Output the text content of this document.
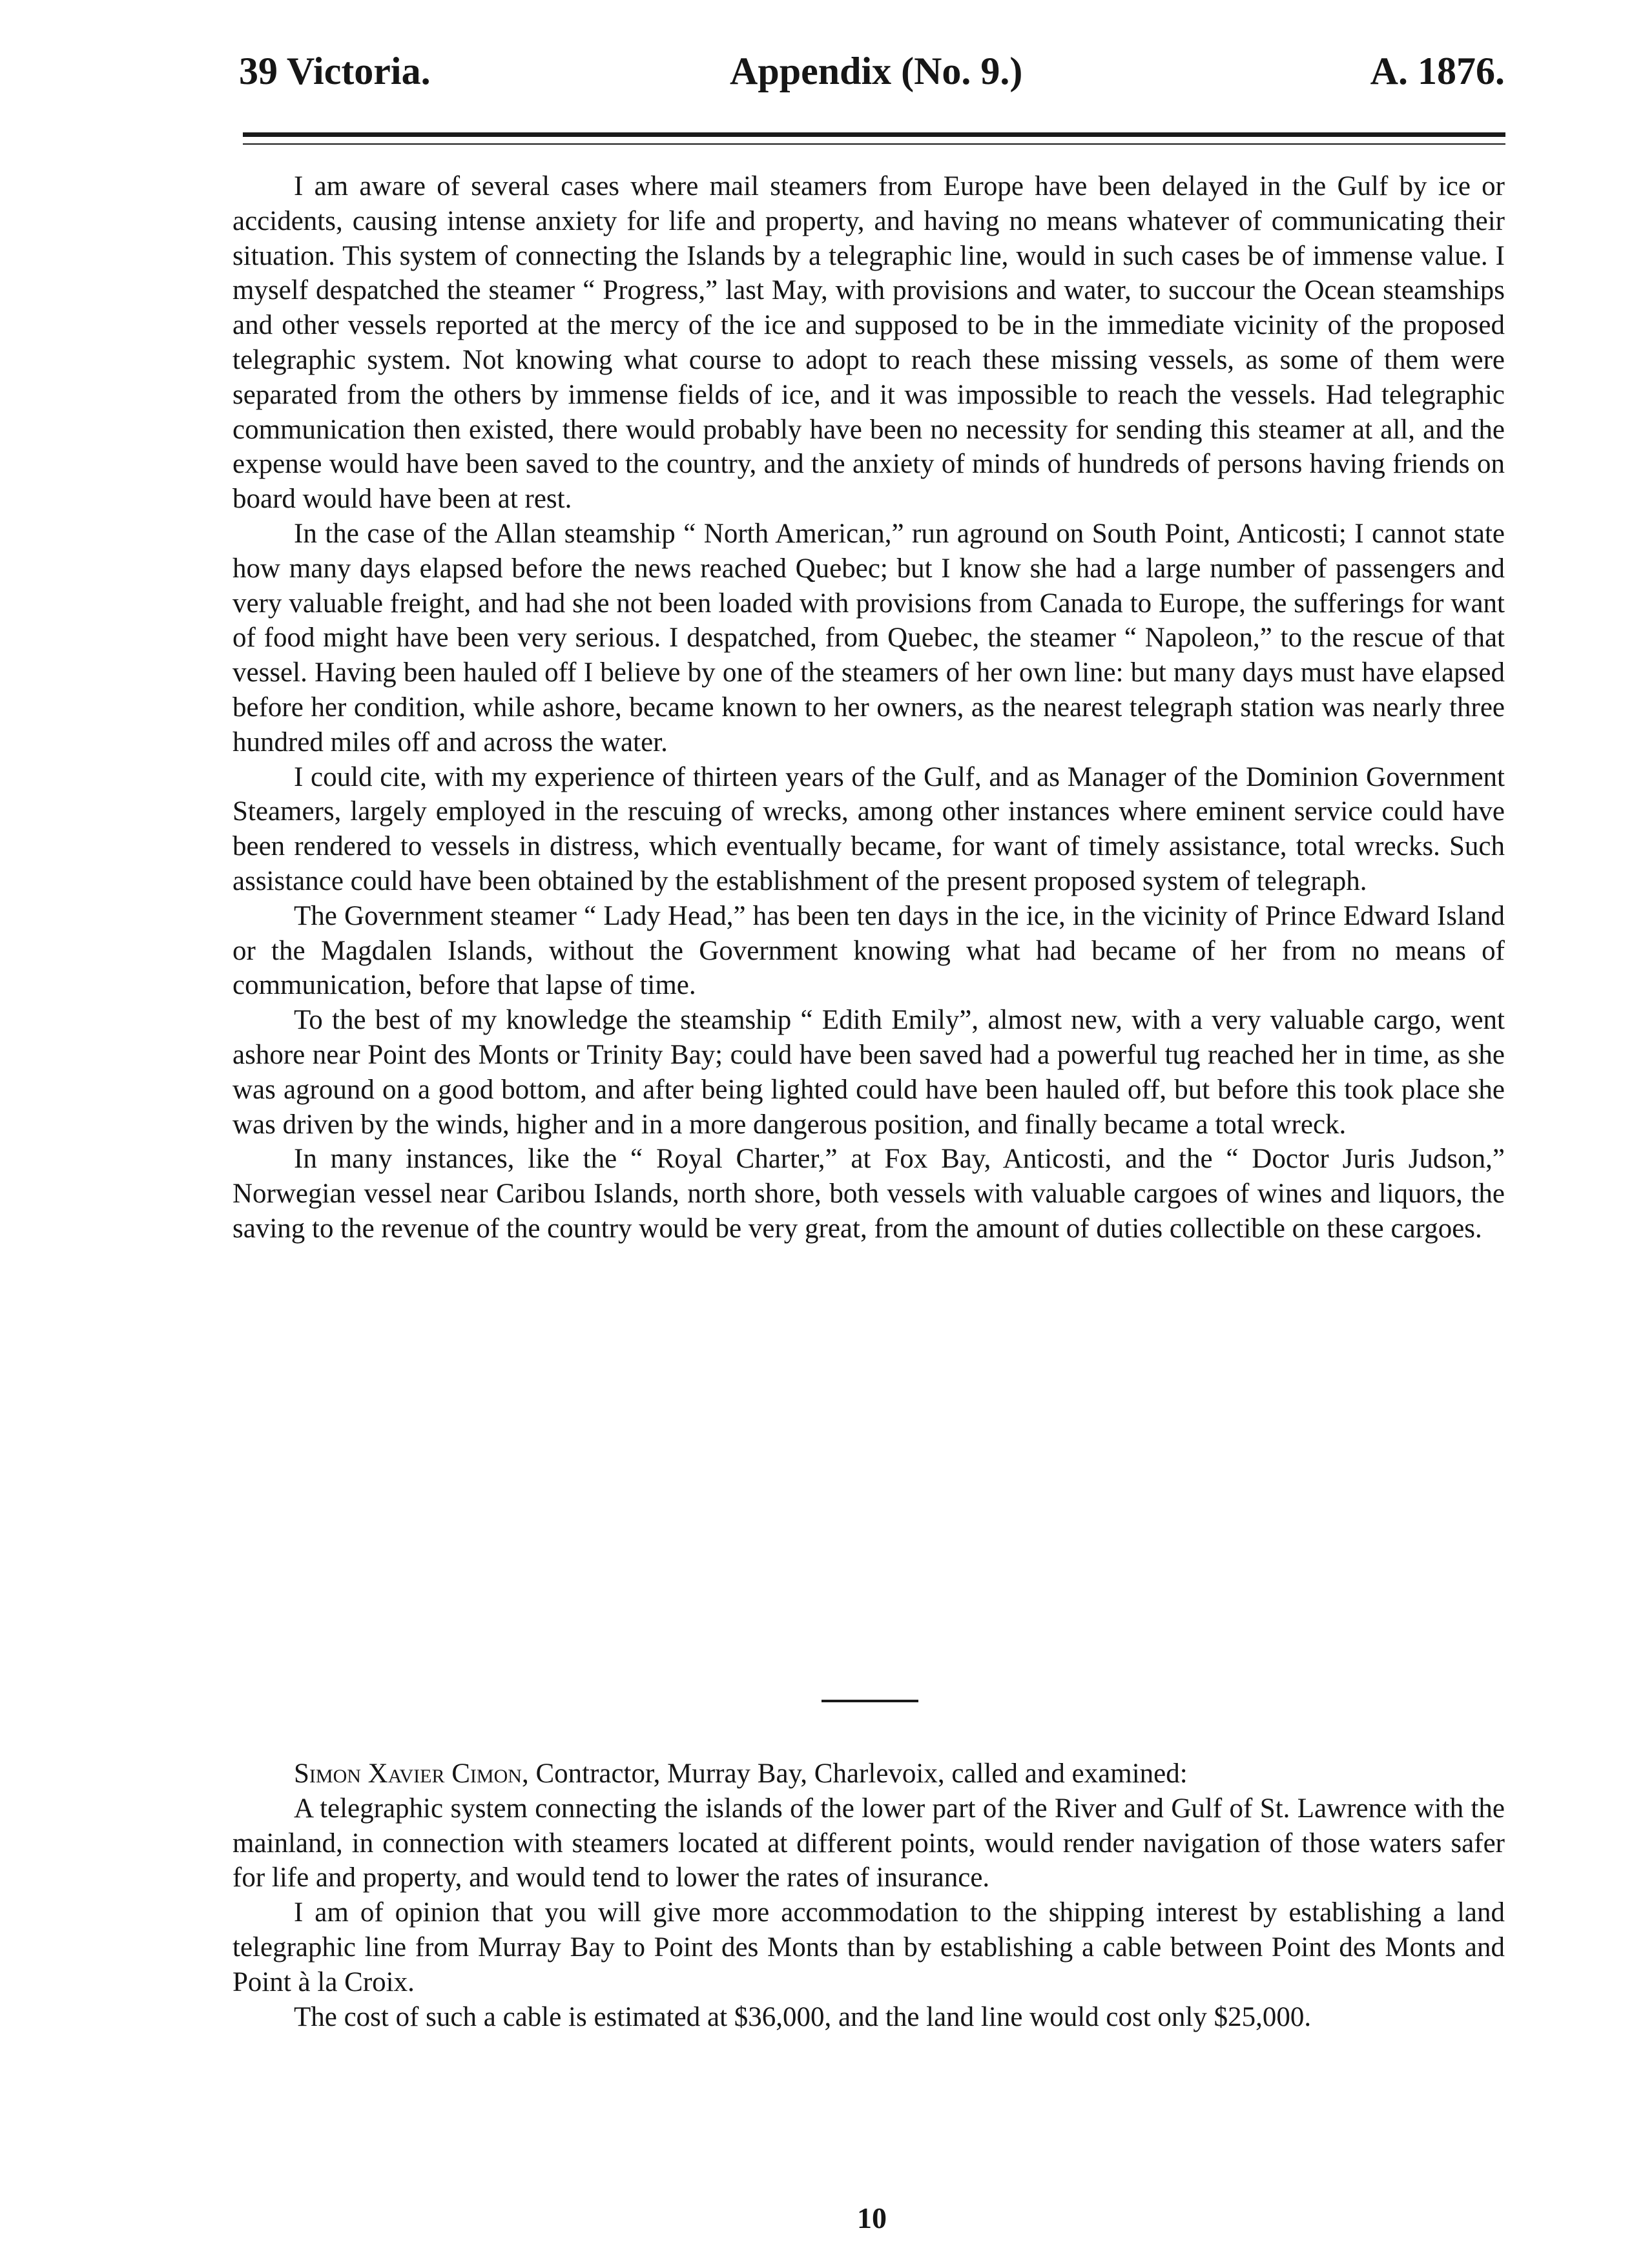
39 Victoria.	Appendix (No. 9.)	A. 1876.

I am aware of several cases where mail steamers from Europe have been delayed in the Gulf by ice or accidents, causing intense anxiety for life and property, and having no means whatever of communicating their situation. This system of connecting the Islands by a telegraphic line, would in such cases be of immense value. I myself despatched the steamer “ Progress,” last May, with provisions and water, to succour the Ocean steamships and other vessels reported at the mercy of the ice and supposed to be in the immediate vicinity of the proposed telegraphic system. Not knowing what course to adopt to reach these missing vessels, as some of them were separated from the others by immense fields of ice, and it was impossible to reach the vessels. Had telegraphic communication then existed, there would probably have been no necessity for sending this steamer at all, and the expense would have been saved to the country, and the anxiety of minds of hundreds of persons having friends on board would have been at rest.

In the case of the Allan steamship “ North American,” run aground on South Point, Anticosti; I cannot state how many days elapsed before the news reached Quebec; but I know she had a large number of passengers and very valuable freight, and had she not been loaded with provisions from Canada to Europe, the sufferings for want of food might have been very serious. I despatched, from Quebec, the steamer “ Napoleon,” to the rescue of that vessel. Having been hauled off I believe by one of the steamers of her own line: but many days must have elapsed before her condition, while ashore, became known to her owners, as the nearest telegraph station was nearly three hundred miles off and across the water.

I could cite, with my experience of thirteen years of the Gulf, and as Manager of the Dominion Government Steamers, largely employed in the rescuing of wrecks, among other instances where eminent service could have been rendered to vessels in distress, which eventually became, for want of timely assistance, total wrecks. Such assistance could have been obtained by the establishment of the present proposed system of telegraph.

The Government steamer “ Lady Head,” has been ten days in the ice, in the vicinity of Prince Edward Island or the Magdalen Islands, without the Government knowing what had became of her from no means of communication, before that lapse of time.

To the best of my knowledge the steamship “ Edith Emily”, almost new, with a very valuable cargo, went ashore near Point des Monts or Trinity Bay; could have been saved had a powerful tug reached her in time, as she was aground on a good bottom, and after being lighted could have been hauled off, but before this took place she was driven by the winds, higher and in a more dangerous position, and finally became a total wreck.

In many instances, like the “ Royal Charter,” at Fox Bay, Anticosti, and the “ Doctor Juris Judson,” Norwegian vessel near Caribou Islands, north shore, both vessels with valuable cargoes of wines and liquors, the saving to the revenue of the country would be very great, from the amount of duties collectible on these cargoes.

Simon Xavier Cimon, Contractor, Murray Bay, Charlevoix, called and examined:

A telegraphic system connecting the islands of the lower part of the River and Gulf of St. Lawrence with the mainland, in connection with steamers located at different points, would render navigation of those waters safer for life and property, and would tend to lower the rates of insurance.

I am of opinion that you will give more accommodation to the shipping interest by establishing a land telegraphic line from Murray Bay to Point des Monts than by establishing a cable between Point des Monts and Point à la Croix.

The cost of such a cable is estimated at $36,000, and the land line would cost only $25,000.

10
